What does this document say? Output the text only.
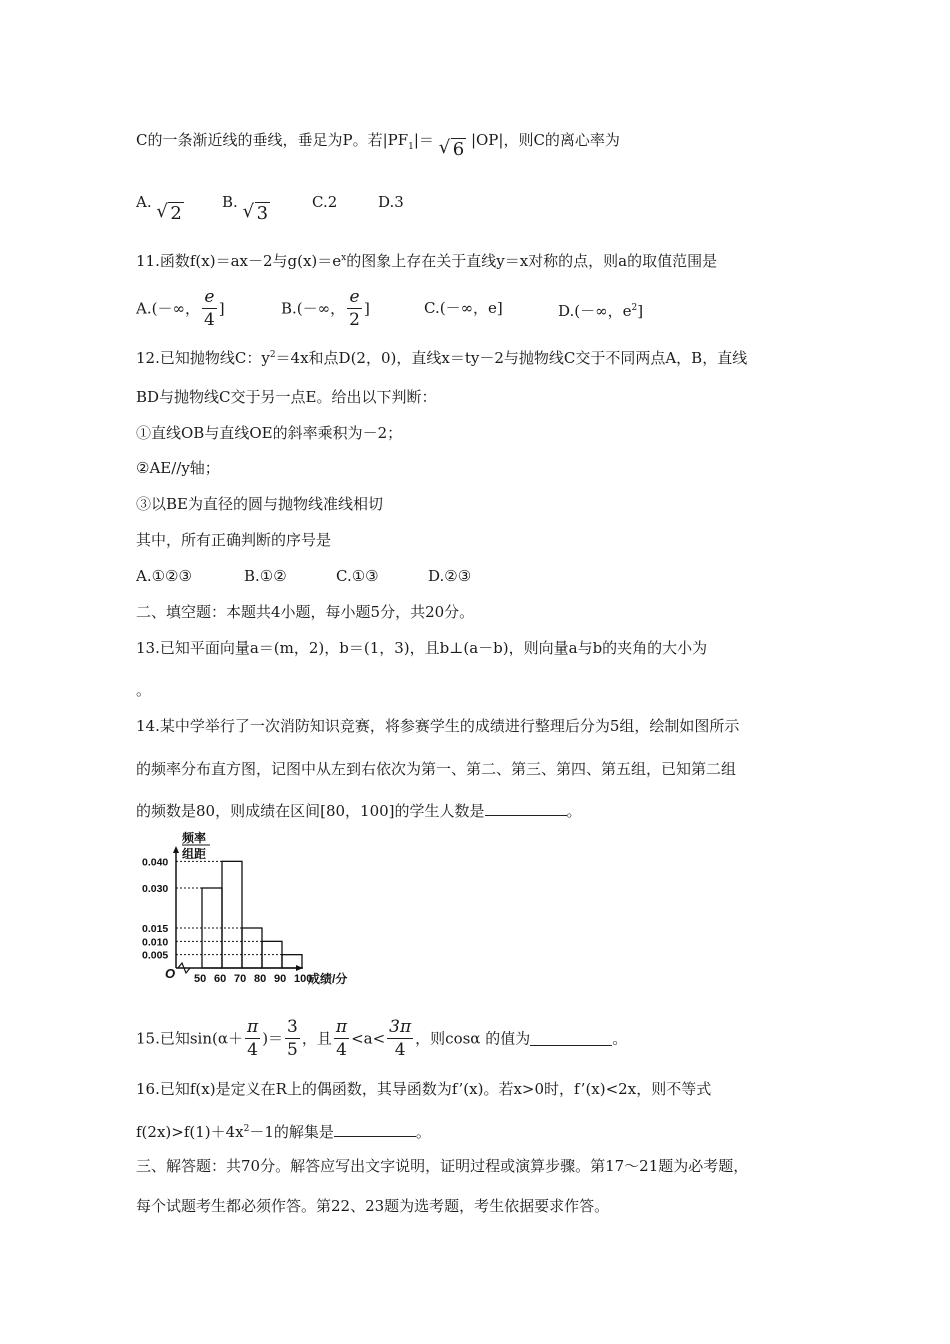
C的一条渐近线的垂线，垂足为P。若$|PF_1|=$ √ 6 |OP|，则C的离心率为
A. √ 2
B. √ 3
C.2	D.3
11.函数f(x)＝ax－2与$g(x)=e^x$的图象上存在关于直线y＝x对称的点，则a的取值范围是
A.(－∞， $\frac{e}{4}$ ]	B.(－∞， $\frac{e}{2}$ ]	C.(－∞，e]	D.(－∞，$e^2$]
12.已知抛物线C：$y^2=4x$和点D(2，0)，直线x＝ty－2与抛物线C交于不同两点A，B，直线
BD与抛物线C交于另一点E。给出以下判断：
①直线OB与直线OE的斜率乘积为－2；
②AE//y轴；
③以BE为直径的圆与抛物线准线相切
其中，所有正确判断的序号是
A.①②③	B.①②	C.①③	D.②③
二、填空题：本题共4小题，每小题5分，共20分。
13.已知平面向量a＝(m，2)，b＝(1，3)，且b⊥(a－b)，则向量a与b的夹角的大小为
。
14.某中学举行了一次消防知识竞赛，将参赛学生的成绩进行整理后分为5组，绘制如图所示
的频率分布直方图，记图中从左到右依次为第一、第二、第三、第四、第五组，已知第二组
的频数是80，则成绩在区间[80，100]的学生人数是	。
频率
组距
O	成绩/分
0.040
0.030
0.015
0.010
0.005
50 60 70 80 90 100
15.已知$\sin(\alpha+ \frac{\pi}{4}$ )＝ $\frac{3}{5}$ ，且 $\frac{\pi}{4} <a< \frac{3\pi}{4}$ ，则cosα 的值为	。
16.已知f(x)是定义在R上的偶函数，其导函数为f’(x)。若x>0时，f’(x)<2x，则不等式
$f(2x)>f(1)+4x^2-1$的解集是	。
三、解答题：共70分。解答应写出文字说明，证明过程或演算步骤。第17～21题为必考题，
每个试题考生都必须作答。第22、23题为选考题，考生依据要求作答。
